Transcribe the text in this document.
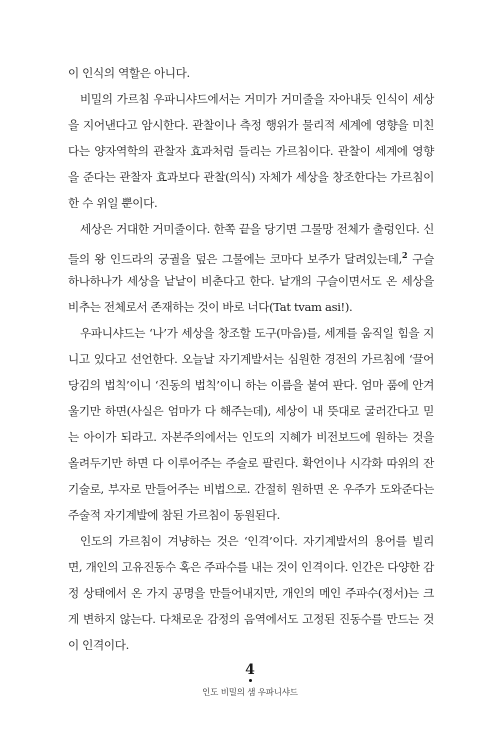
이 인식의 역할은 아니다.
비밀의 가르침 우파니샤드에서는 거미가 거미줄을 자아내듯 인식이 세상
을 지어낸다고 암시한다. 관찰이나 측정 행위가 물리적 세계에 영향을 미친
다는 양자역학의 관찰자 효과처럼 들리는 가르침이다. 관찰이 세계에 영향
을 준다는 관찰자 효과보다 관찰(의식) 자체가 세상을 창조한다는 가르침이
한 수 위일 뿐이다.
세상은 거대한 거미줄이다. 한쪽 끝을 당기면 그물망 전체가 출렁인다. 신
들의 왕 인드라의 궁궐을 덮은 그물에는 코마다 보주가 달려있는데,$^2$ 구슬
하나하나가 세상을 낱낱이 비춘다고 한다. 낱개의 구슬이면서도 온 세상을
비추는 전체로서 존재하는 것이 바로 너다(Tat tvam asi!).
우파니샤드는 ‘나’가 세상을 창조할 도구(마음)를, 세계를 움직일 힘을 지
니고 있다고 선언한다. 오늘날 자기계발서는 심원한 경전의 가르침에 ‘끌어
당김의 법칙’이니 ‘진동의 법칙’이니 하는 이름을 붙여 판다. 엄마 품에 안겨
울기만 하면(사실은 엄마가 다 해주는데), 세상이 내 뜻대로 굴러간다고 믿
는 아이가 되라고. 자본주의에서는 인도의 지혜가 비전보드에 원하는 것을
올려두기만 하면 다 이루어주는 주술로 팔린다. 확언이나 시각화 따위의 잔
기술로, 부자로 만들어주는 비법으로. 간절히 원하면 온 우주가 도와준다는
주술적 자기계발에 참된 가르침이 동원된다.
인도의 가르침이 겨냥하는 것은 ‘인격’이다. 자기계발서의 용어를 빌리
면, 개인의 고유진동수 혹은 주파수를 내는 것이 인격이다. 인간은 다양한 감
정 상태에서 온 가지 공명을 만들어내지만, 개인의 메인 주파수(정서)는 크
게 변하지 않는다. 다채로운 감정의 음역에서도 고정된 진동수를 만드는 것
이 인격이다.
4
인도 비밀의 샘 우파니샤드
